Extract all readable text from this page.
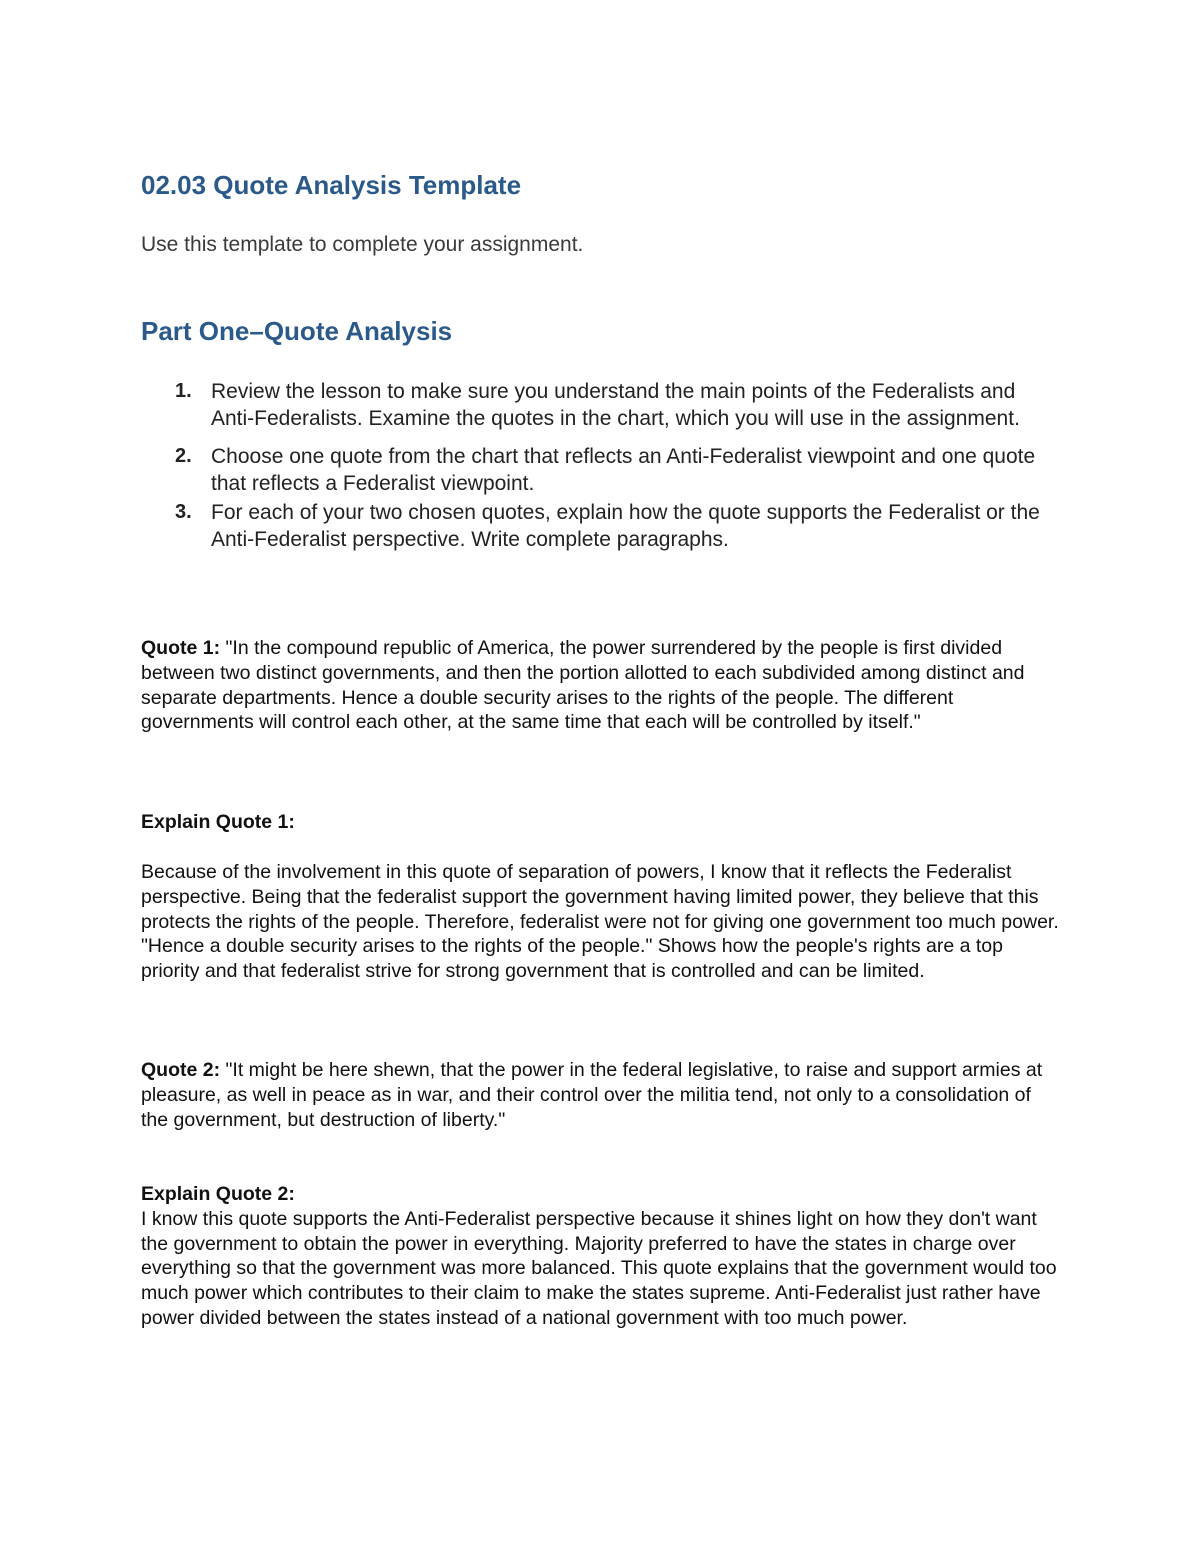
02.03 Quote Analysis Template

Use this template to complete your assignment.

Part One–Quote Analysis
1. Review the lesson to make sure you understand the main points of the Federalists and Anti-Federalists. Examine the quotes in the chart, which you will use in the assignment.
2. Choose one quote from the chart that reflects an Anti-Federalist viewpoint and one quote that reflects a Federalist viewpoint.
3. For each of your two chosen quotes, explain how the quote supports the Federalist or the Anti-Federalist perspective. Write complete paragraphs.

Quote 1: "In the compound republic of America, the power surrendered by the people is first divided between two distinct governments, and then the portion allotted to each subdivided among distinct and separate departments. Hence a double security arises to the rights of the people. The different governments will control each other, at the same time that each will be controlled by itself."

Explain Quote 1:

Because of the involvement in this quote of separation of powers, I know that it reflects the Federalist perspective. Being that the federalist support the government having limited power, they believe that this protects the rights of the people. Therefore, federalist were not for giving one government too much power. "Hence a double security arises to the rights of the people." Shows how the people's rights are a top priority and that federalist strive for strong government that is controlled and can be limited.

Quote 2: "It might be here shewn, that the power in the federal legislative, to raise and support armies at pleasure, as well in peace as in war, and their control over the militia tend, not only to a consolidation of the government, but destruction of liberty."

Explain Quote 2:
I know this quote supports the Anti-Federalist perspective because it shines light on how they don't want the government to obtain the power in everything. Majority preferred to have the states in charge over everything so that the government was more balanced. This quote explains that the government would too much power which contributes to their claim to make the states supreme. Anti-Federalist just rather have power divided between the states instead of a national government with too much power.
